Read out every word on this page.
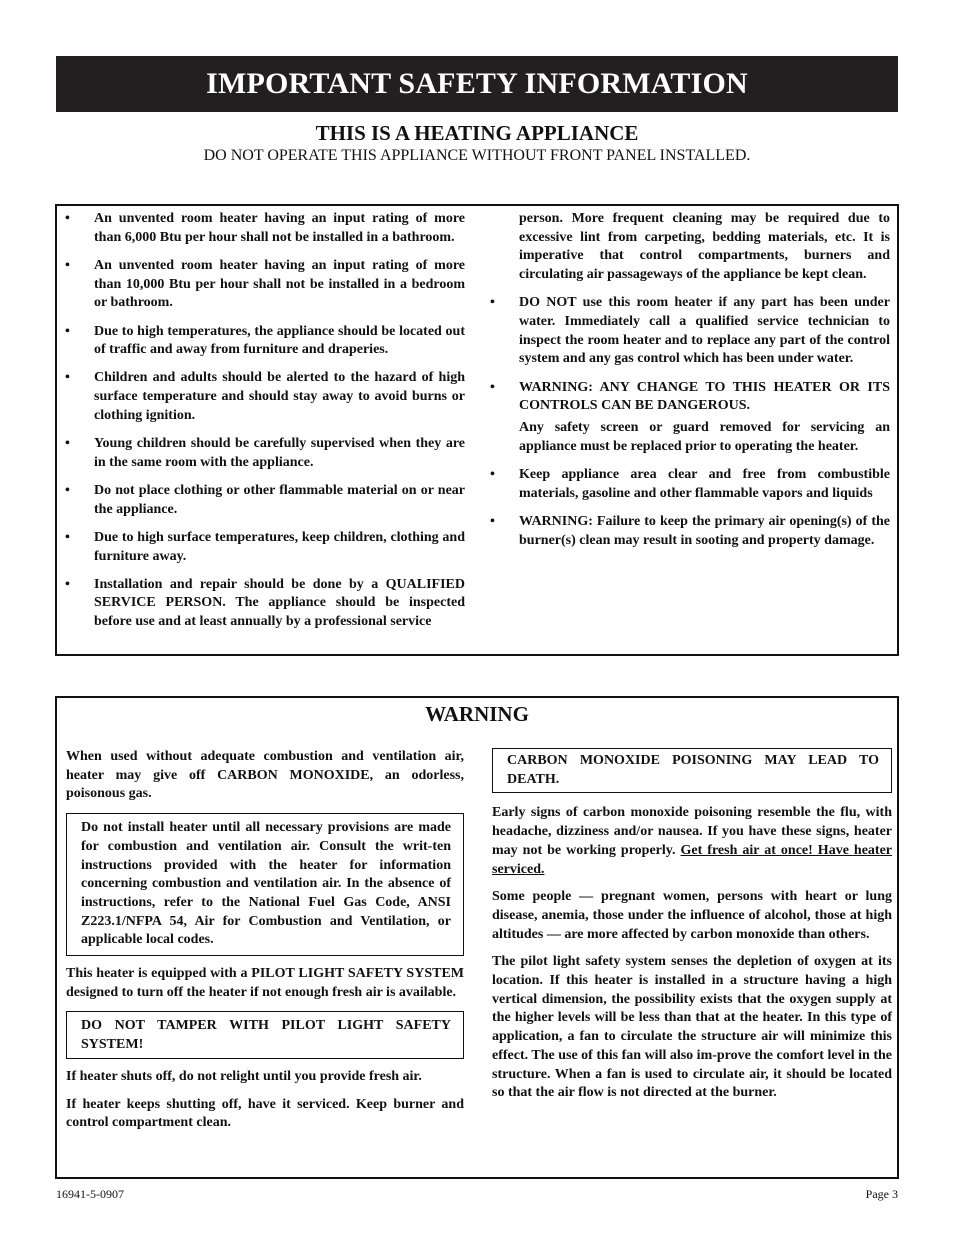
IMPORTANT SAFETY INFORMATION
THIS IS A HEATING APPLIANCE
DO NOT OPERATE THIS APPLIANCE WITHOUT FRONT PANEL INSTALLED.
• An unvented room heater having an input rating of more than 6,000 Btu per hour shall not be installed in a bathroom.
• An unvented room heater having an input rating of more than 10,000 Btu per hour shall not be installed in a bedroom or bathroom.
• Due to high temperatures, the appliance should be located out of traffic and away from furniture and draperies.
• Children and adults should be alerted to the hazard of high surface temperature and should stay away to avoid burns or clothing ignition.
• Young children should be carefully supervised when they are in the same room with the appliance.
• Do not place clothing or other flammable material on or near the appliance.
• Due to high surface temperatures, keep children, clothing and furniture away.
• Installation and repair should be done by a QUALIFIED SERVICE PERSON. The appliance should be inspected before use and at least annually by a professional service
person. More frequent cleaning may be required due to excessive lint from carpeting, bedding materials, etc. It is imperative that control compartments, burners and circulating air passageways of the appliance be kept clean.
• DO NOT use this room heater if any part has been under water. Immediately call a qualified service technician to inspect the room heater and to replace any part of the control system and any gas control which has been under water.
• WARNING: ANY CHANGE TO THIS HEATER OR ITS CONTROLS CAN BE DANGEROUS.
Any safety screen or guard removed for servicing an appliance must be replaced prior to operating the heater.
• Keep appliance area clear and free from combustible materials, gasoline and other flammable vapors and liquids
• WARNING: Failure to keep the primary air opening(s) of the burner(s) clean may result in sooting and property damage.
WARNING
When used without adequate combustion and ventilation air, heater may give off CARBON MONOXIDE, an odorless, poisonous gas.
Do not install heater until all necessary provisions are made for combustion and ventilation air. Consult the writ-ten instructions provided with the heater for information concerning combustion and ventilation air. In the absence of instructions, refer to the National Fuel Gas Code, ANSI Z223.1/NFPA 54, Air for Combustion and Ventilation, or applicable local codes.
This heater is equipped with a PILOT LIGHT SAFETY SYSTEM designed to turn off the heater if not enough fresh air is available.
DO NOT TAMPER WITH PILOT LIGHT SAFETY SYSTEM!
If heater shuts off, do not relight until you provide fresh air.
If heater keeps shutting off, have it serviced. Keep burner and control compartment clean.
CARBON MONOXIDE POISONING MAY LEAD TO DEATH.
Early signs of carbon monoxide poisoning resemble the flu, with headache, dizziness and/or nausea. If you have these signs, heater may not be working properly. Get fresh air at once! Have heater serviced.
Some people — pregnant women, persons with heart or lung disease, anemia, those under the influence of alcohol, those at high altitudes — are more affected by carbon monoxide than others.
The pilot light safety system senses the depletion of oxygen at its location. If this heater is installed in a structure having a high vertical dimension, the possibility exists that the oxygen supply at the higher levels will be less than that at the heater. In this type of application, a fan to circulate the structure air will minimize this effect. The use of this fan will also im-prove the comfort level in the structure. When a fan is used to circulate air, it should be located so that the air flow is not directed at the burner.
16941-5-0907	Page 3
